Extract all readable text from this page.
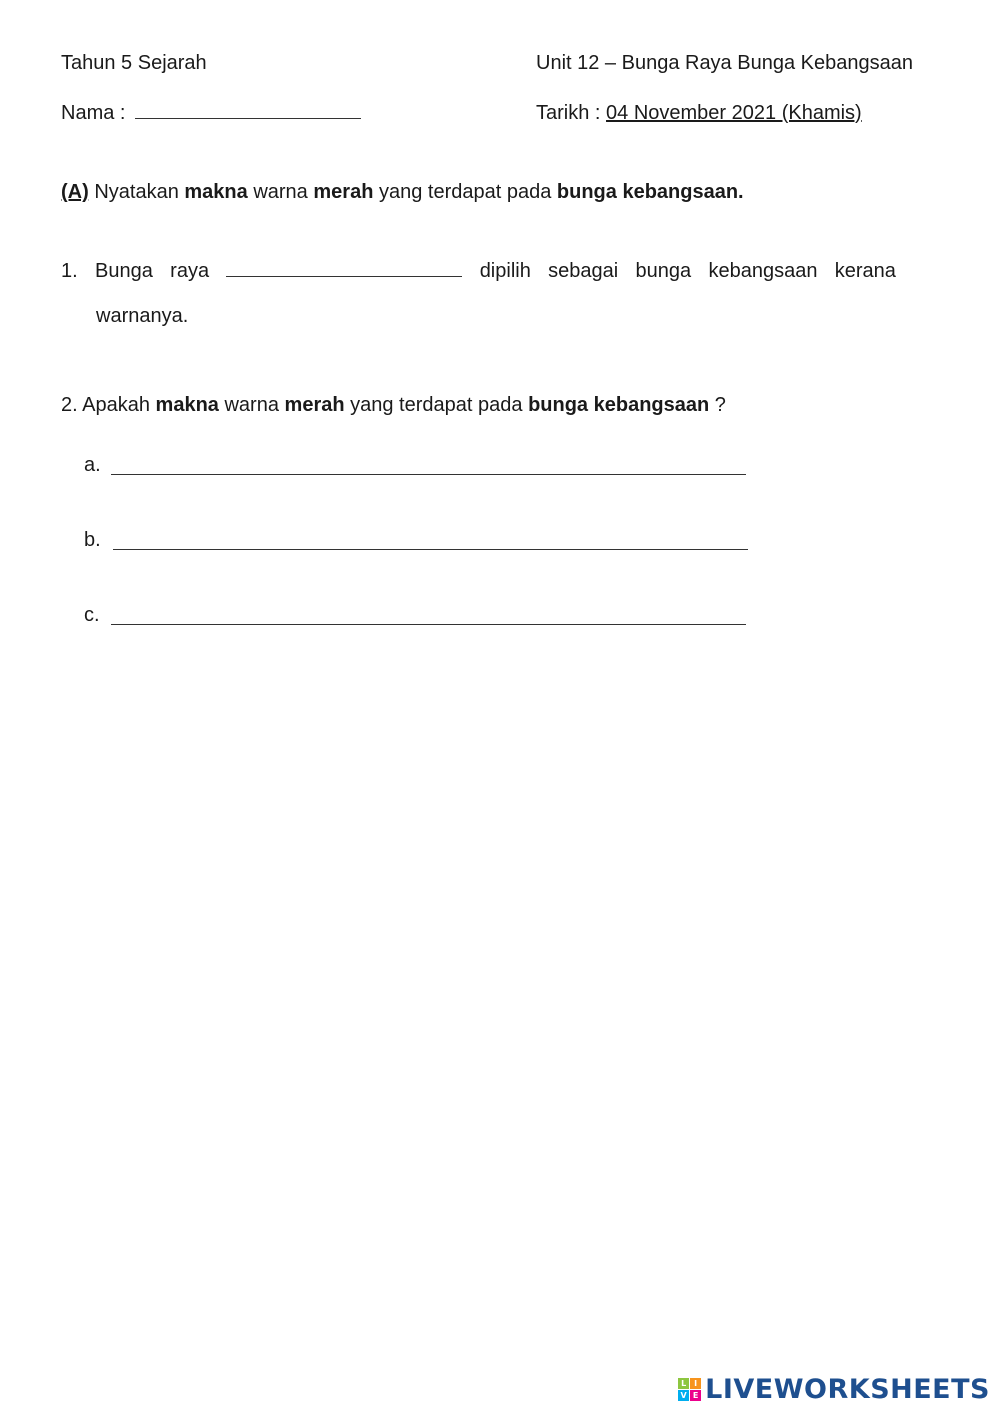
Tahun 5 Sejarah	Unit 12 – Bunga Raya Bunga Kebangsaan
Nama :	Tarikh : 04 November 2021 (Khamis)
(A) Nyatakan makna warna merah yang terdapat pada bunga kebangsaan.
1. Bunga raya	dipilih sebagai bunga kebangsaan kerana
warnanya.
2. Apakah makna warna merah yang terdapat pada bunga kebangsaan ?
a.
b.
c.
L I
V E LIVEWORKSHEETS
